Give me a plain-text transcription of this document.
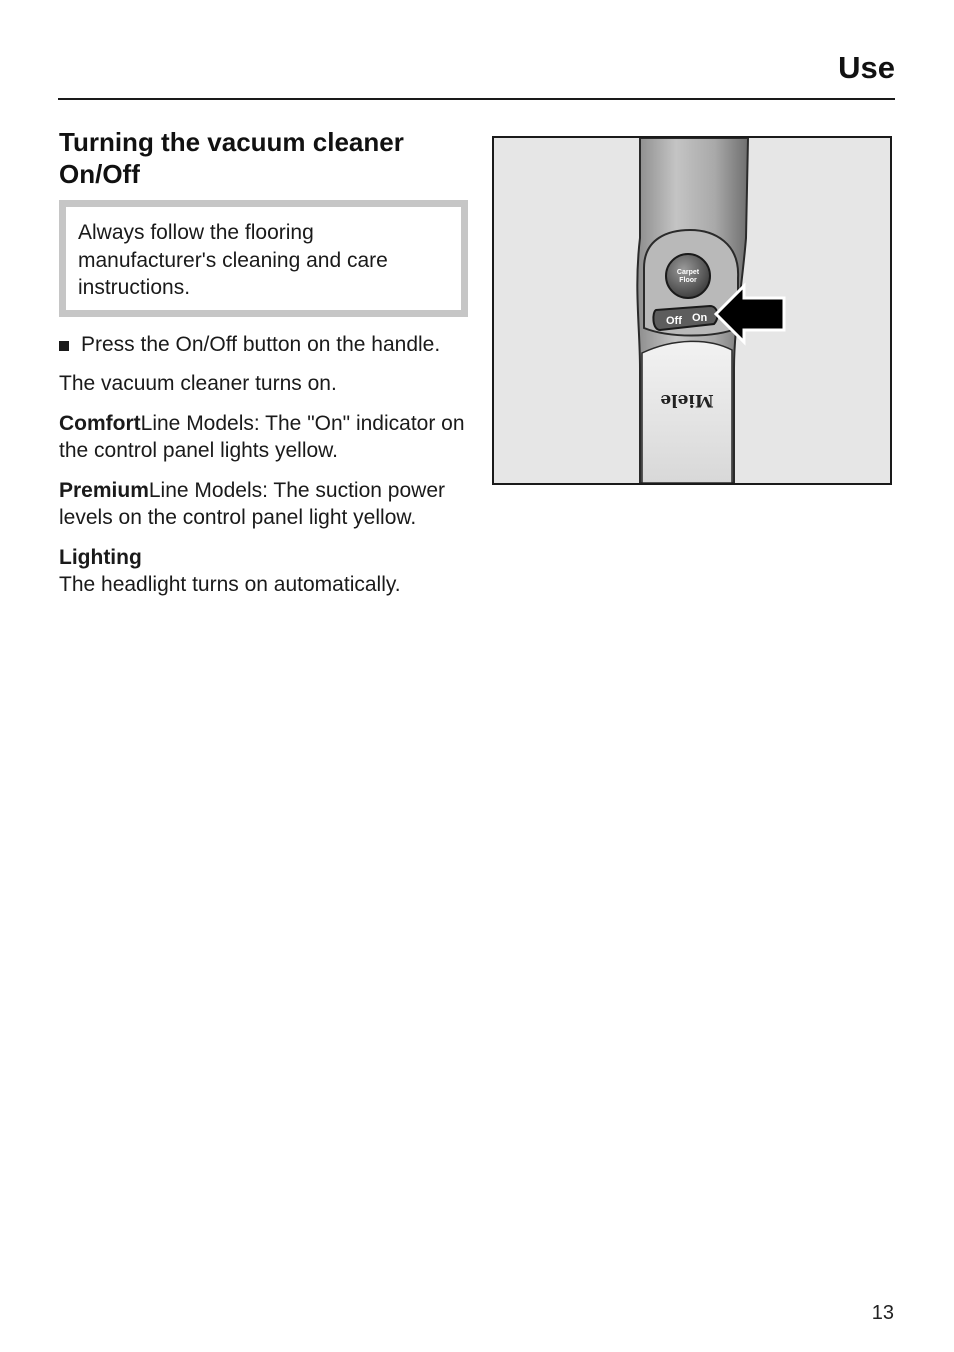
Use
Turning the vacuum cleaner On/Off

Always follow the flooring manufacturer's cleaning and care instructions.

Press the On/Off button on the handle.

The vacuum cleaner turns on.

ComfortLine Models: The "On" indicator on the control panel lights yellow.

PremiumLine Models: The suction power levels on the control panel light yellow.

Lighting
The headlight turns on automatically.

Carpet
Floor
Off On
Miele
13
